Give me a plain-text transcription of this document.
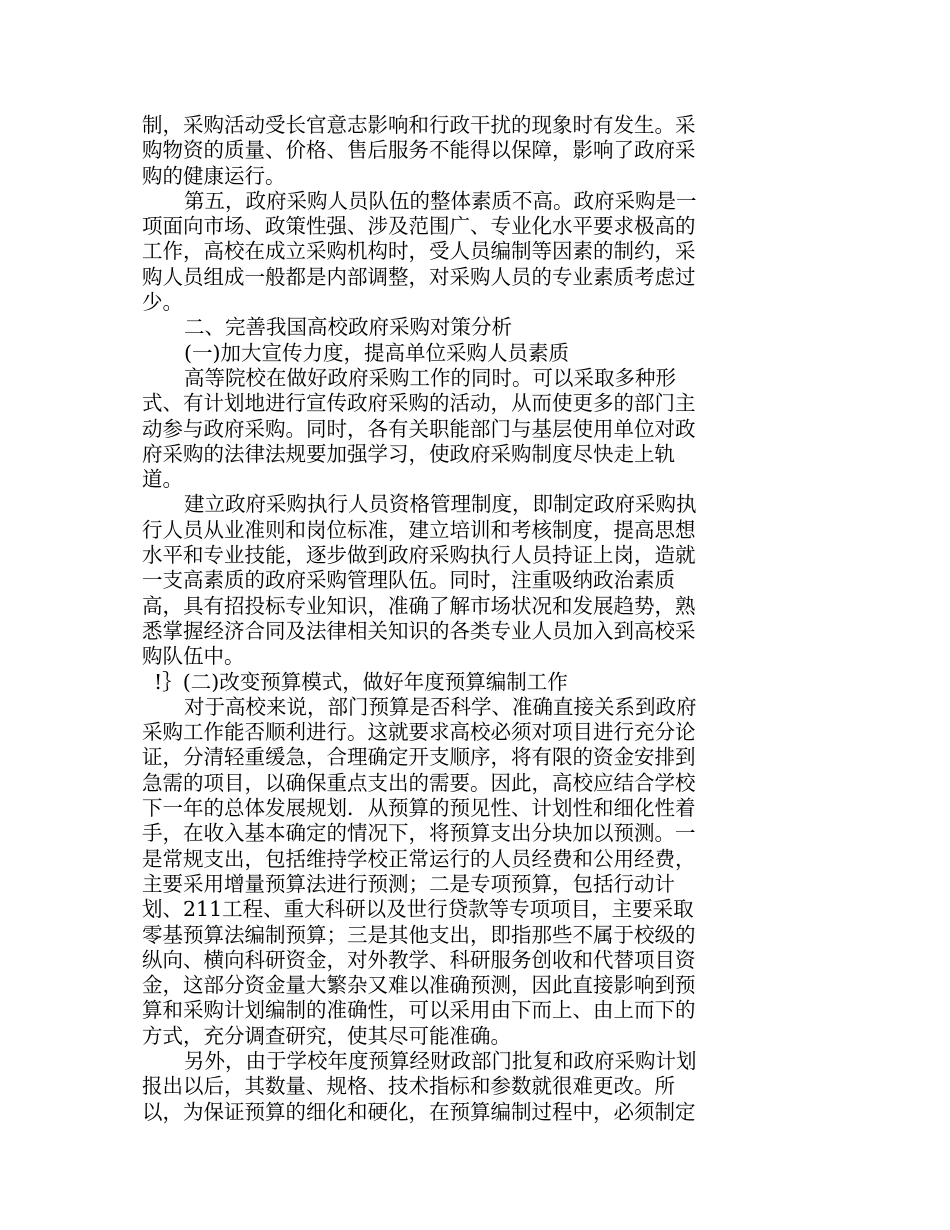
制，采购活动受长官意志影响和行政干扰的现象时有发生。采
购物资的质量、价格、售后服务不能得以保障，影响了政府采
购的健康运行。
第五，政府采购人员队伍的整体素质不高。政府采购是一
项面向市场、政策性强、涉及范围广、专业化水平要求极高的
工作，高校在成立采购机构时，受人员编制等因素的制约，采
购人员组成一般都是内部调整，对采购人员的专业素质考虑过
少。
二、完善我国高校政府采购对策分析
(一)加大宣传力度，提高单位采购人员素质
高等院校在做好政府采购工作的同时。可以采取多种形
式、有计划地进行宣传政府采购的活动，从而使更多的部门主
动参与政府采购。同时，各有关职能部门与基层使用单位对政
府采购的法律法规要加强学习，使政府采购制度尽快走上轨
道。
建立政府采购执行人员资格管理制度，即制定政府采购执
行人员从业准则和岗位标准，建立培训和考核制度，提高思想
水平和专业技能，逐步做到政府采购执行人员持证上岗，造就
一支高素质的政府采购管理队伍。同时，注重吸纳政治素质
高，具有招投标专业知识，准确了解市场状况和发展趋势，熟
悉掌握经济合同及法律相关知识的各类专业人员加入到高校采
购队伍中。
!｝(二)改变预算模式，做好年度预算编制工作
对于高校来说，部门预算是否科学、准确直接关系到政府
采购工作能否顺利进行。这就要求高校必须对项目进行充分论
证，分清轻重缓急，合理确定开支顺序，将有限的资金安排到
急需的项目，以确保重点支出的需要。因此，高校应结合学校
下一年的总体发展规划．从预算的预见性、计划性和细化性着
手，在收入基本确定的情况下，将预算支出分块加以预测。一
是常规支出，包括维持学校正常运行的人员经费和公用经费，
主要采用增量预算法进行预测；二是专项预算，包括行动计
划、211工程、重大科研以及世行贷款等专项项目，主要采取
零基预算法编制预算；三是其他支出，即指那些不属于校级的
纵向、横向科研资金，对外教学、科研服务创收和代替项目资
金，这部分资金量大繁杂又难以准确预测，因此直接影响到预
算和采购计划编制的准确性，可以采用由下而上、由上而下的
方式，充分调查研究，使其尽可能准确。
另外，由于学校年度预算经财政部门批复和政府采购计划
报出以后，其数量、规格、技术指标和参数就很难更改。所
以，为保证预算的细化和硬化，在预算编制过程中，必须制定
